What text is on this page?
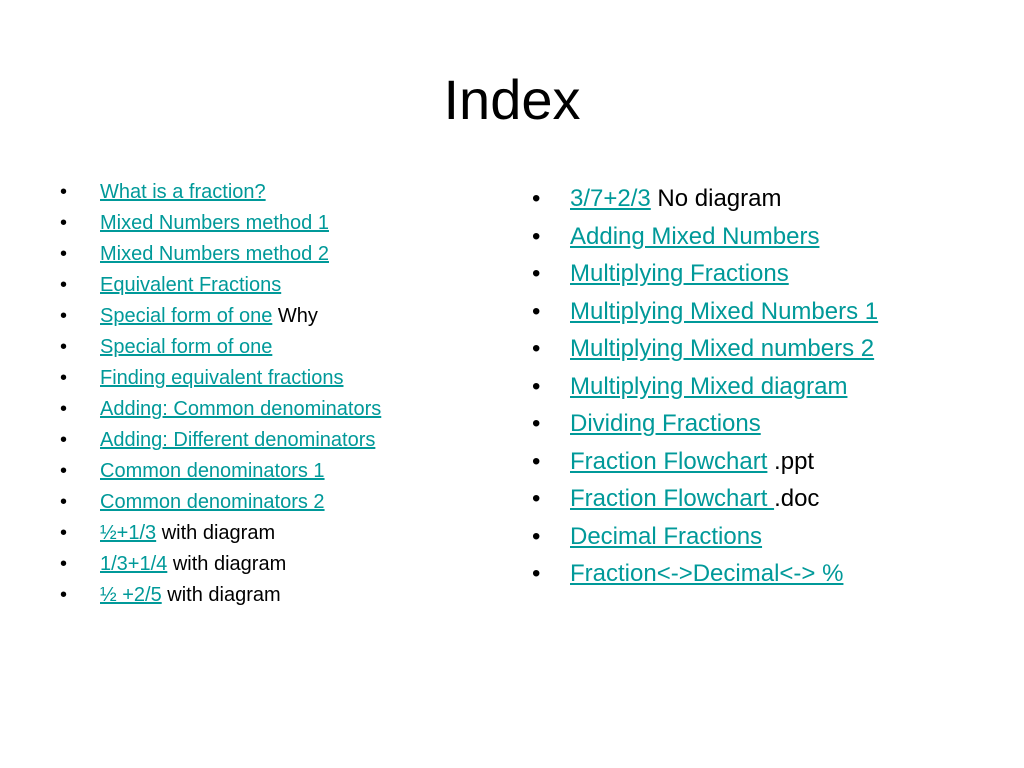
Index
• What is a fraction?
• Mixed Numbers method 1
• Mixed Numbers method 2
• Equivalent Fractions
• Special form of one Why
• Special form of one
• Finding equivalent fractions
• Adding: Common denominators
• Adding: Different denominators
• Common denominators 1
• Common denominators 2
• ½+1/3 with diagram
• 1/3+1/4 with diagram
• ½ +2/5 with diagram
• 3/7+2/3 No diagram
• Adding Mixed Numbers
• Multiplying Fractions
• Multiplying Mixed Numbers 1
• Multiplying Mixed numbers 2
• Multiplying Mixed diagram
• Dividing Fractions
• Fraction Flowchart .ppt
• Fraction Flowchart .doc
• Decimal Fractions
• Fraction<->Decimal<-> %
